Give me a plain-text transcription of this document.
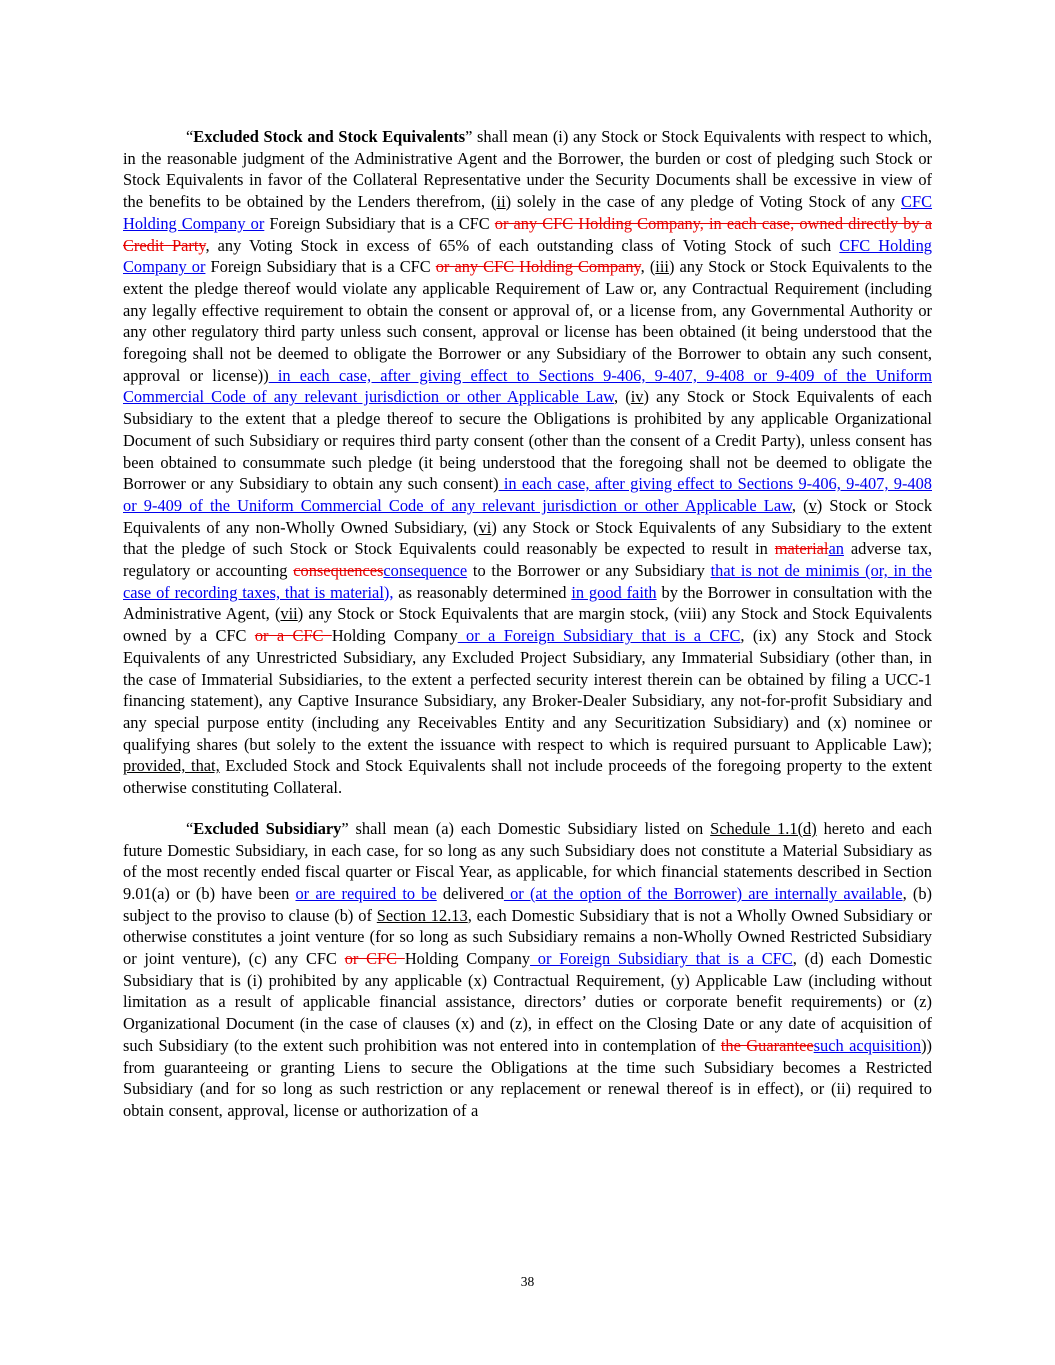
“Excluded Stock and Stock Equivalents” shall mean (i) any Stock or Stock Equivalents with respect to which, in the reasonable judgment of the Administrative Agent and the Borrower, the burden or cost of pledging such Stock or Stock Equivalents in favor of the Collateral Representative under the Security Documents shall be excessive in view of the benefits to be obtained by the Lenders therefrom, (ii) solely in the case of any pledge of Voting Stock of any CFC Holding Company or Foreign Subsidiary that is a CFC or any CFC Holding Company, in each case, owned directly by a Credit Party, any Voting Stock in excess of 65% of each outstanding class of Voting Stock of such CFC Holding Company or Foreign Subsidiary that is a CFC or any CFC Holding Company, (iii) any Stock or Stock Equivalents to the extent the pledge thereof would violate any applicable Requirement of Law or, any Contractual Requirement (including any legally effective requirement to obtain the consent or approval of, or a license from, any Governmental Authority or any other regulatory third party unless such consent, approval or license has been obtained (it being understood that the foregoing shall not be deemed to obligate the Borrower or any Subsidiary of the Borrower to obtain any such consent, approval or license)) in each case, after giving effect to Sections 9-406, 9-407, 9-408 or 9-409 of the Uniform Commercial Code of any relevant jurisdiction or other Applicable Law, (iv) any Stock or Stock Equivalents of each Subsidiary to the extent that a pledge thereof to secure the Obligations is prohibited by any applicable Organizational Document of such Subsidiary or requires third party consent (other than the consent of a Credit Party), unless consent has been obtained to consummate such pledge (it being understood that the foregoing shall not be deemed to obligate the Borrower or any Subsidiary to obtain any such consent) in each case, after giving effect to Sections 9-406, 9-407, 9-408 or 9-409 of the Uniform Commercial Code of any relevant jurisdiction or other Applicable Law, (v) Stock or Stock Equivalents of any non-Wholly Owned Subsidiary, (vi) any Stock or Stock Equivalents of any Subsidiary to the extent that the pledge of such Stock or Stock Equivalents could reasonably be expected to result in materialan adverse tax, regulatory or accounting consequencesconsequence to the Borrower or any Subsidiary that is not de minimis (or, in the case of recording taxes, that is material), as reasonably determined in good faith by the Borrower in consultation with the Administrative Agent, (vii) any Stock or Stock Equivalents that are margin stock, (viii) any Stock and Stock Equivalents owned by a CFC or a CFC Holding Company or a Foreign Subsidiary that is a CFC, (ix) any Stock and Stock Equivalents of any Unrestricted Subsidiary, any Excluded Project Subsidiary, any Immaterial Subsidiary (other than, in the case of Immaterial Subsidiaries, to the extent a perfected security interest therein can be obtained by filing a UCC-1 financing statement), any Captive Insurance Subsidiary, any Broker-Dealer Subsidiary, any not-for-profit Subsidiary and any special purpose entity (including any Receivables Entity and any Securitization Subsidiary) and (x) nominee or qualifying shares (but solely to the extent the issuance with respect to which is required pursuant to Applicable Law); provided, that, Excluded Stock and Stock Equivalents shall not include proceeds of the foregoing property to the extent otherwise constituting Collateral.

“Excluded Subsidiary” shall mean (a) each Domestic Subsidiary listed on Schedule 1.1(d) hereto and each future Domestic Subsidiary, in each case, for so long as any such Subsidiary does not constitute a Material Subsidiary as of the most recently ended fiscal quarter or Fiscal Year, as applicable, for which financial statements described in Section 9.01(a) or (b) have been or are required to be delivered or (at the option of the Borrower) are internally available, (b) subject to the proviso to clause (b) of Section 12.13, each Domestic Subsidiary that is not a Wholly Owned Subsidiary or otherwise constitutes a joint venture (for so long as such Subsidiary remains a non-Wholly Owned Restricted Subsidiary or joint venture), (c) any CFC or CFC Holding Company or Foreign Subsidiary that is a CFC, (d) each Domestic Subsidiary that is (i) prohibited by any applicable (x) Contractual Requirement, (y) Applicable Law (including without limitation as a result of applicable financial assistance, directors’ duties or corporate benefit requirements) or (z) Organizational Document (in the case of clauses (x) and (z), in effect on the Closing Date or any date of acquisition of such Subsidiary (to the extent such prohibition was not entered into in contemplation of the Guaranteesuch acquisition)) from guaranteeing or granting Liens to secure the Obligations at the time such Subsidiary becomes a Restricted Subsidiary (and for so long as such restriction or any replacement or renewal thereof is in effect), or (ii) required to obtain consent, approval, license or authorization of a

38
